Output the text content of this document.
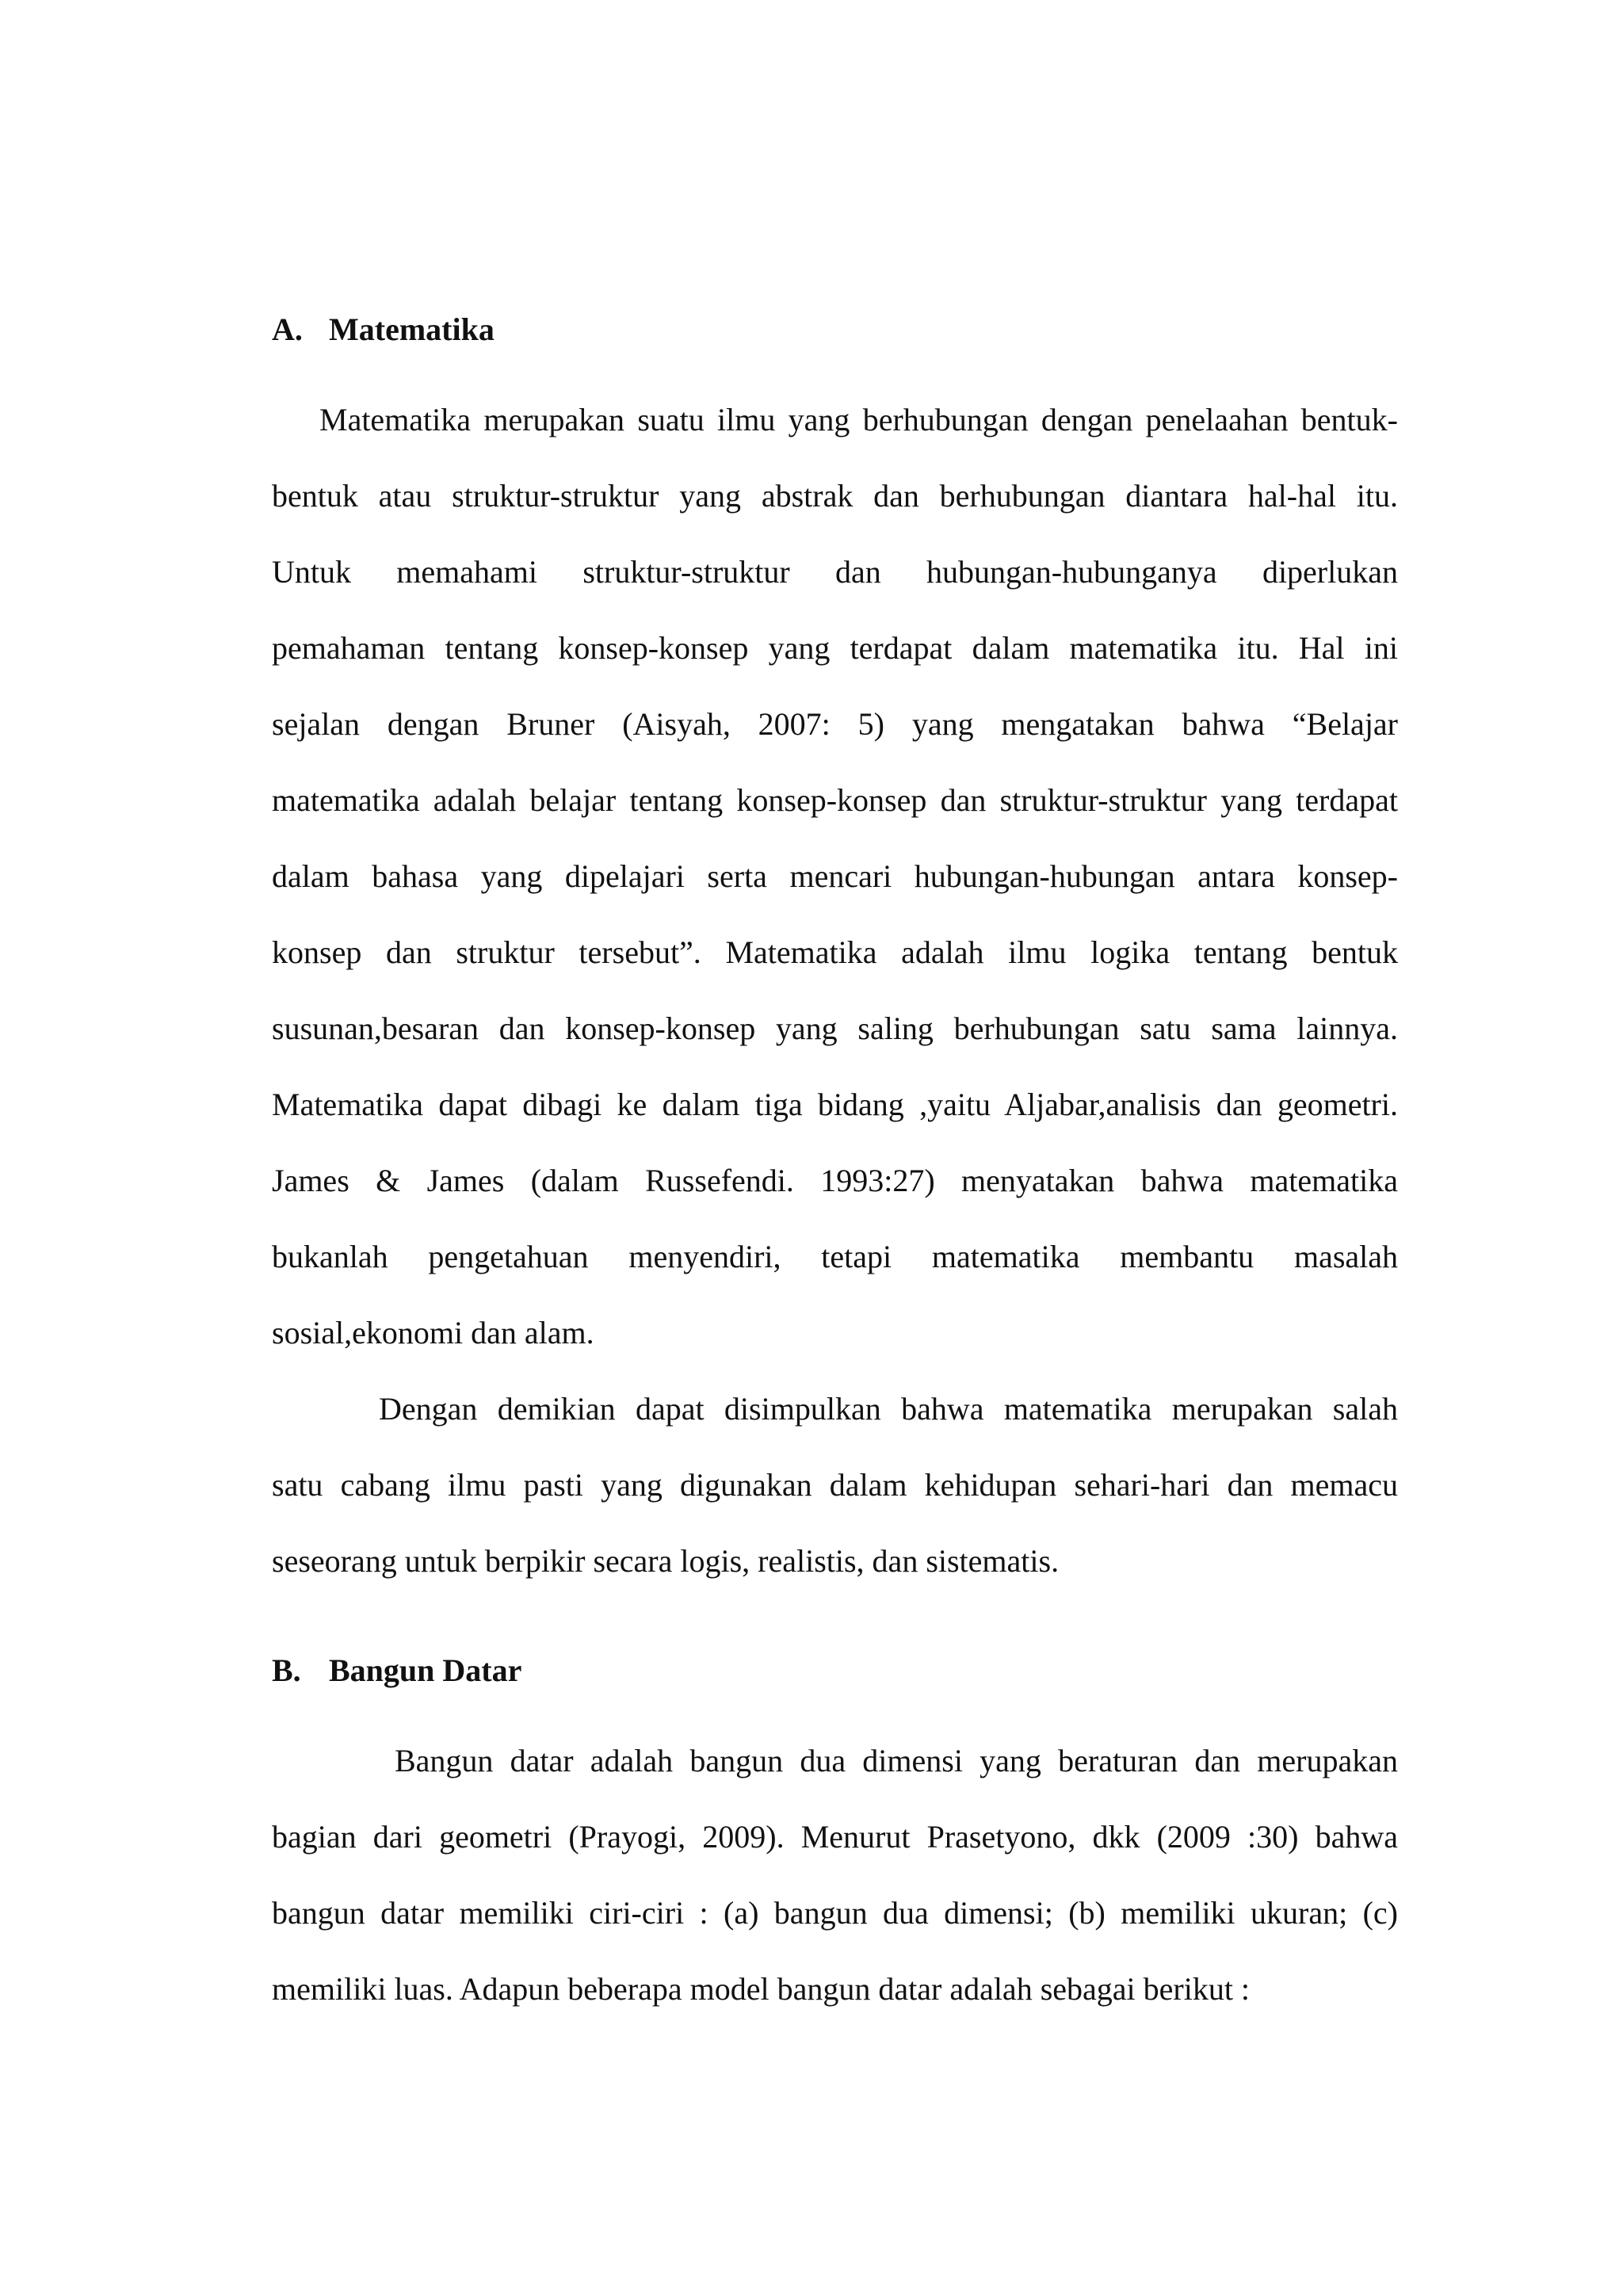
A. Matematika
Matematika merupakan suatu ilmu yang berhubungan dengan penelaahan bentuk-
bentuk atau struktur-struktur yang abstrak dan berhubungan diantara hal-hal itu.
Untuk memahami struktur-struktur dan hubungan-hubunganya diperlukan
pemahaman tentang konsep-konsep yang terdapat dalam matematika itu. Hal ini
sejalan dengan Bruner (Aisyah, 2007: 5) yang mengatakan bahwa “Belajar
matematika adalah belajar tentang konsep-konsep dan struktur-struktur yang terdapat
dalam bahasa yang dipelajari serta mencari hubungan-hubungan antara konsep-
konsep dan struktur tersebut”. Matematika adalah ilmu logika tentang bentuk
susunan,besaran dan konsep-konsep yang saling berhubungan satu sama lainnya.
Matematika dapat dibagi ke dalam tiga bidang ,yaitu Aljabar,analisis dan geometri.
James & James (dalam Russefendi. 1993:27) menyatakan bahwa matematika
bukanlah pengetahuan menyendiri, tetapi matematika membantu masalah
sosial,ekonomi dan alam.
Dengan demikian dapat disimpulkan bahwa matematika merupakan salah
satu cabang ilmu pasti yang digunakan dalam kehidupan sehari-hari dan memacu
seseorang untuk berpikir secara logis, realistis, dan sistematis.
B. Bangun Datar
Bangun datar adalah bangun dua dimensi yang beraturan dan merupakan
bagian dari geometri (Prayogi, 2009). Menurut Prasetyono, dkk (2009 :30) bahwa
bangun datar memiliki ciri-ciri : (a) bangun dua dimensi; (b) memiliki ukuran; (c)
memiliki luas. Adapun beberapa model bangun datar adalah sebagai berikut :
